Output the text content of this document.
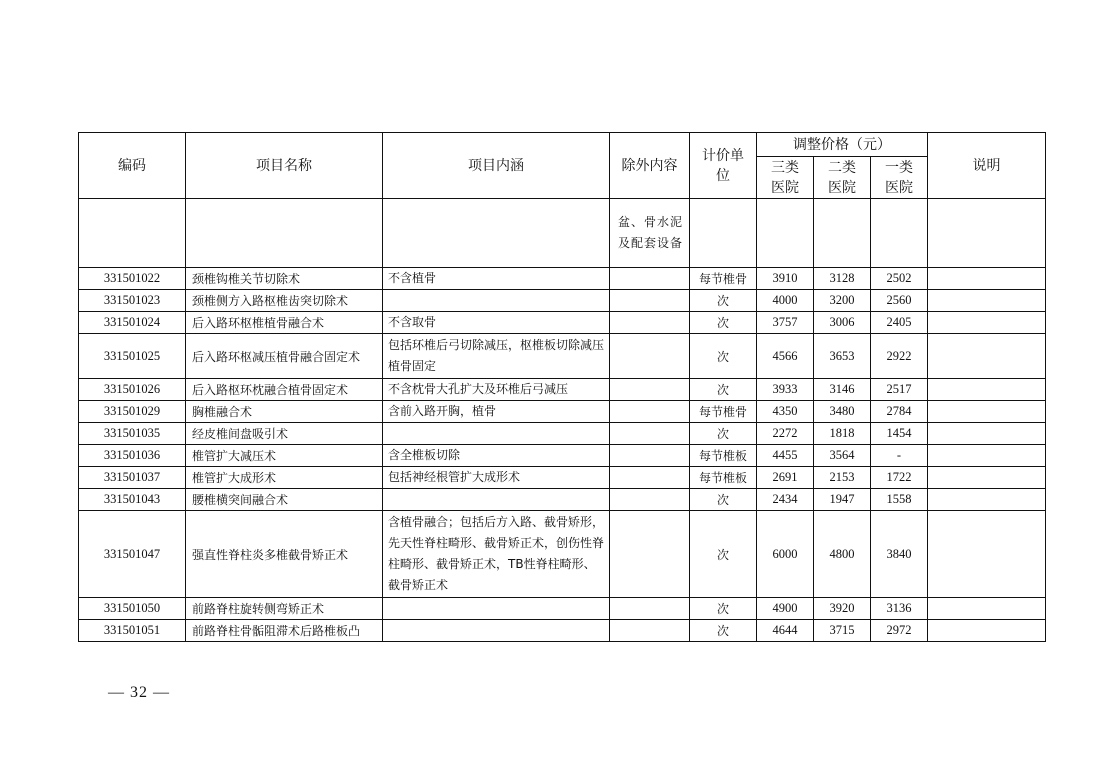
编码	项目名称	项目内涵	除外内容	计价单位	调整价格（元）			说明
					三类医院	二类医院	一类医院	
			盆、骨水泥及配套设备					
331501022	颈椎钩椎关节切除术	不含植骨		每节椎骨	3910	3128	2502	
331501023	颈椎侧方入路枢椎齿突切除术			次	4000	3200	2560	
331501024	后入路环枢椎植骨融合术	不含取骨		次	3757	3006	2405	
331501025	后入路环枢减压植骨融合固定术	包括环椎后弓切除减压，枢椎板切除减压植骨固定		次	4566	3653	2922	
331501026	后入路枢环枕融合植骨固定术	不含枕骨大孔扩大及环椎后弓减压		次	3933	3146	2517	
331501029	胸椎融合术	含前入路开胸，植骨		每节椎骨	4350	3480	2784	
331501035	经皮椎间盘吸引术			次	2272	1818	1454	
331501036	椎管扩大减压术	含全椎板切除		每节椎板	4455	3564	-	
331501037	椎管扩大成形术	包括神经根管扩大成形术		每节椎板	2691	2153	1722	
331501043	腰椎横突间融合术			次	2434	1947	1558	
331501047	强直性脊柱炎多椎截骨矫正术	含植骨融合；包括后方入路、截骨矫形，先天性脊柱畸形、截骨矫正术，创伤性脊柱畸形、截骨矫正术，TB性脊柱畸形、截骨矫正术		次	6000	4800	3840	
331501050	前路脊柱旋转侧弯矫正术			次	4900	3920	3136	
331501051	前路脊柱骨骺阻滞术后路椎板凸			次	4644	3715	2972	
— 32 —
